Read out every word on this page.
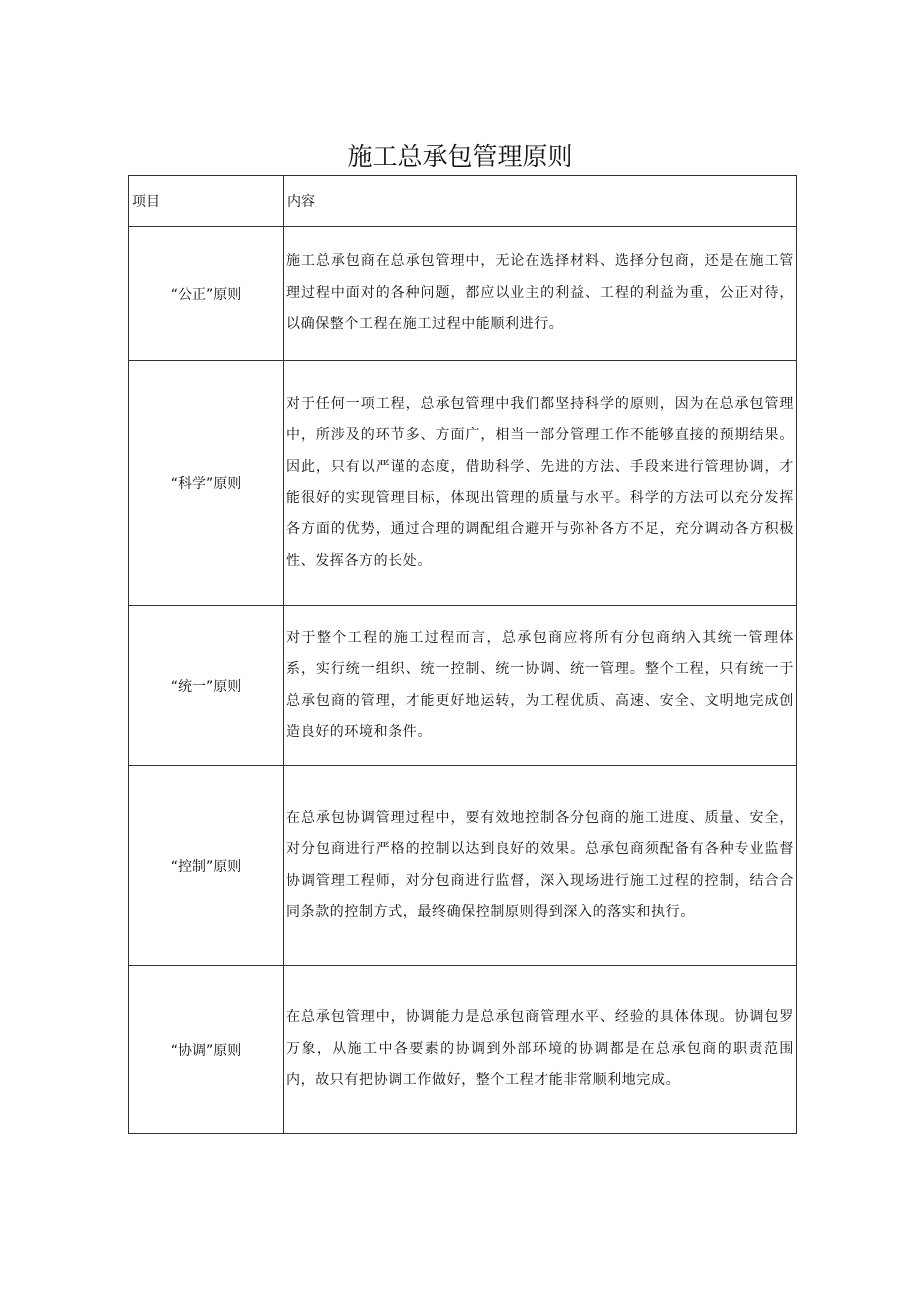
施工总承包管理原则
项目	内容
“公正”原则	施工总承包商在总承包管理中，无论在选择材料、选择分包商，还是在施工管理过程中面对的各种问题，都应以业主的利益、工程的利益为重，公正对待，以确保整个工程在施工过程中能顺利进行。
“科学”原则	对于任何一项工程，总承包管理中我们都坚持科学的原则，因为在总承包管理中，所涉及的环节多、方面广，相当一部分管理工作不能够直接的预期结果。因此，只有以严谨的态度，借助科学、先进的方法、手段来进行管理协调，才能很好的实现管理目标，体现出管理的质量与水平。科学的方法可以充分发挥各方面的优势，通过合理的调配组合避开与弥补各方不足，充分调动各方积极性、发挥各方的长处。
“统一”原则	对于整个工程的施工过程而言，总承包商应将所有分包商纳入其统一管理体系，实行统一组织、统一控制、统一协调、统一管理。整个工程，只有统一于总承包商的管理，才能更好地运转，为工程优质、高速、安全、文明地完成创造良好的环境和条件。
“控制”原则	在总承包协调管理过程中，要有效地控制各分包商的施工进度、质量、安全，对分包商进行严格的控制以达到良好的效果。总承包商须配备有各种专业监督协调管理工程师，对分包商进行监督，深入现场进行施工过程的控制，结合合同条款的控制方式，最终确保控制原则得到深入的落实和执行。
“协调”原则	在总承包管理中，协调能力是总承包商管理水平、经验的具体体现。协调包罗万象，从施工中各要素的协调到外部环境的协调都是在总承包商的职责范围内，故只有把协调工作做好，整个工程才能非常顺利地完成。
